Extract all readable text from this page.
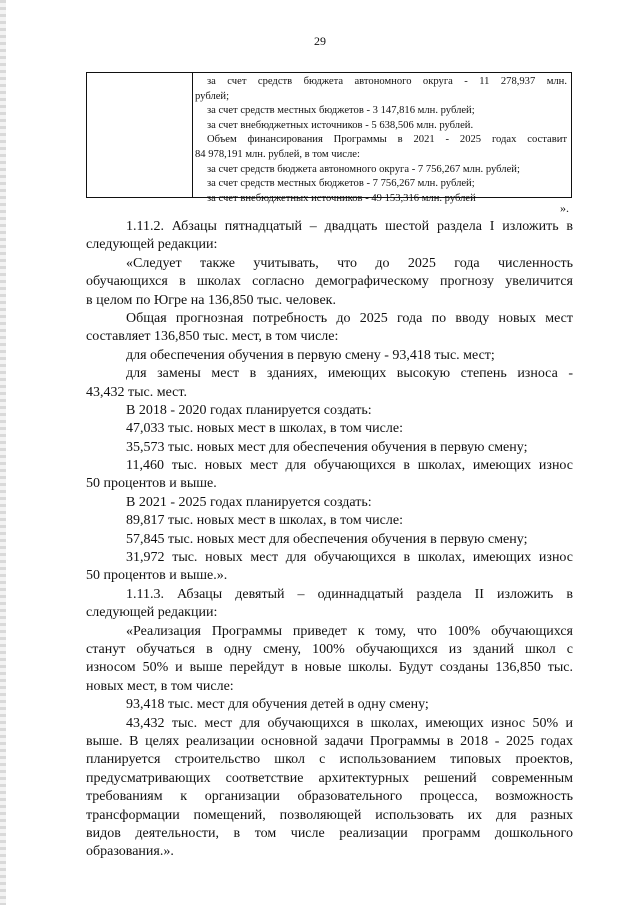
29
за счет средств бюджета автономного округа - 11 278,937 млн.
рублей;
за счет средств местных бюджетов - 3 147,816 млн. рублей;
за счет внебюджетных источников - 5 638,506 млн. рублей.
Объем финансирования Программы в 2021 - 2025 годах составит
84 978,191 млн. рублей, в том числе:
за счет средств бюджета автономного округа - 7 756,267 млн. рублей;
за счет средств местных бюджетов - 7 756,267 млн. рублей;
за счет внебюджетных источников - 49 153,316 млн. рублей
».
1.11.2. Абзацы пятнадцатый – двадцать шестой раздела I изложить в
следующей редакции:
«Следует также учитывать, что до 2025 года численность
обучающихся в школах согласно демографическому прогнозу увеличится
в целом по Югре на 136,850 тыс. человек.
Общая прогнозная потребность до 2025 года по вводу новых мест
составляет 136,850 тыс. мест, в том числе:
для обеспечения обучения в первую смену - 93,418 тыс. мест;
для замены мест в зданиях, имеющих высокую степень износа -
43,432 тыс. мест.
В 2018 - 2020 годах планируется создать:
47,033 тыс. новых мест в школах, в том числе:
35,573 тыс. новых мест для обеспечения обучения в первую смену;
11,460 тыс. новых мест для обучающихся в школах, имеющих износ
50 процентов и выше.
В 2021 - 2025 годах планируется создать:
89,817 тыс. новых мест в школах, в том числе:
57,845 тыс. новых мест для обеспечения обучения в первую смену;
31,972 тыс. новых мест для обучающихся в школах, имеющих износ
50 процентов и выше.».
1.11.3. Абзацы девятый – одиннадцатый раздела II изложить в
следующей редакции:
«Реализация Программы приведет к тому, что 100% обучающихся
станут обучаться в одну смену, 100% обучающихся из зданий школ с
износом 50% и выше перейдут в новые школы. Будут созданы 136,850 тыс.
новых мест, в том числе:
93,418 тыс. мест для обучения детей в одну смену;
43,432 тыс. мест для обучающихся в школах, имеющих износ 50% и
выше. В целях реализации основной задачи Программы в 2018 - 2025 годах
планируется строительство школ с использованием типовых проектов,
предусматривающих соответствие архитектурных решений современным
требованиям к организации образовательного процесса, возможность
трансформации помещений, позволяющей использовать их для разных
видов деятельности, в том числе реализации программ дошкольного
образования.».
